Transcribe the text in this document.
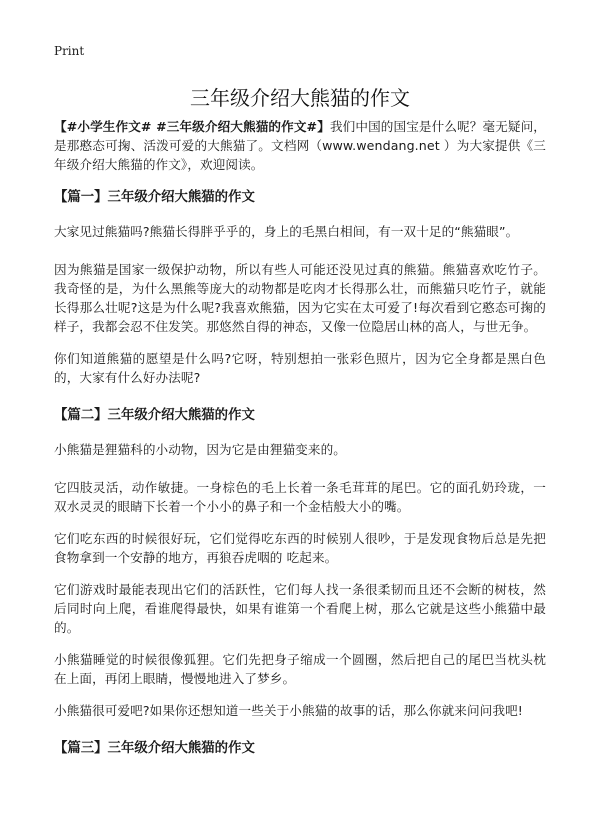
Print
三年级介绍大熊猫的作文

【#小学生作文# #三年级介绍大熊猫的作文#】我们中国的国宝是什么呢？毫无疑问，是那憨态可掬、活泼可爱的大熊猫了。文档网（www.wendang.net ）为大家提供《三年级介绍大熊猫的作文》，欢迎阅读。

【篇一】三年级介绍大熊猫的作文

大家见过熊猫吗?熊猫长得胖乎乎的，身上的毛黑白相间，有一双十足的“熊猫眼”。

因为熊猫是国家一级保护动物，所以有些人可能还没见过真的熊猫。熊猫喜欢吃竹子。我奇怪的是，为什么黑熊等庞大的动物都是吃肉才长得那么壮，而熊猫只吃竹子，就能长得那么壮呢?这是为什么呢?我喜欢熊猫，因为它实在太可爱了!每次看到它憨态可掬的样子，我都会忍不住发笑。那悠然自得的神态，又像一位隐居山林的高人，与世无争。

你们知道熊猫的愿望是什么吗?它呀，特别想拍一张彩色照片，因为它全身都是黑白色的，大家有什么好办法呢?

【篇二】三年级介绍大熊猫的作文

小熊猫是狸猫科的小动物，因为它是由狸猫变来的。

它四肢灵活，动作敏捷。一身棕色的毛上长着一条毛茸茸的尾巴。它的面孔奶玲珑，一双水灵灵的眼睛下长着一个小小的鼻子和一个金桔般大小的嘴。

它们吃东西的时候很好玩，它们觉得吃东西的时候别人很吵，于是发现食物后总是先把食物拿到一个安静的地方，再狼吞虎咽的 吃起来。

它们游戏时最能表现出它们的活跃性，它们每人找一条很柔韧而且还不会断的树枝，然后同时向上爬，看谁爬得最快，如果有谁第一个看爬上树，那么它就是这些小熊猫中最的。

小熊猫睡觉的时候很像狐狸。它们先把身子缩成一个圆圈，然后把自己的尾巴当枕头枕在上面，再闭上眼睛，慢慢地进入了梦乡。

小熊猫很可爱吧?如果你还想知道一些关于小熊猫的故事的话，那么你就来问问我吧!

【篇三】三年级介绍大熊猫的作文
